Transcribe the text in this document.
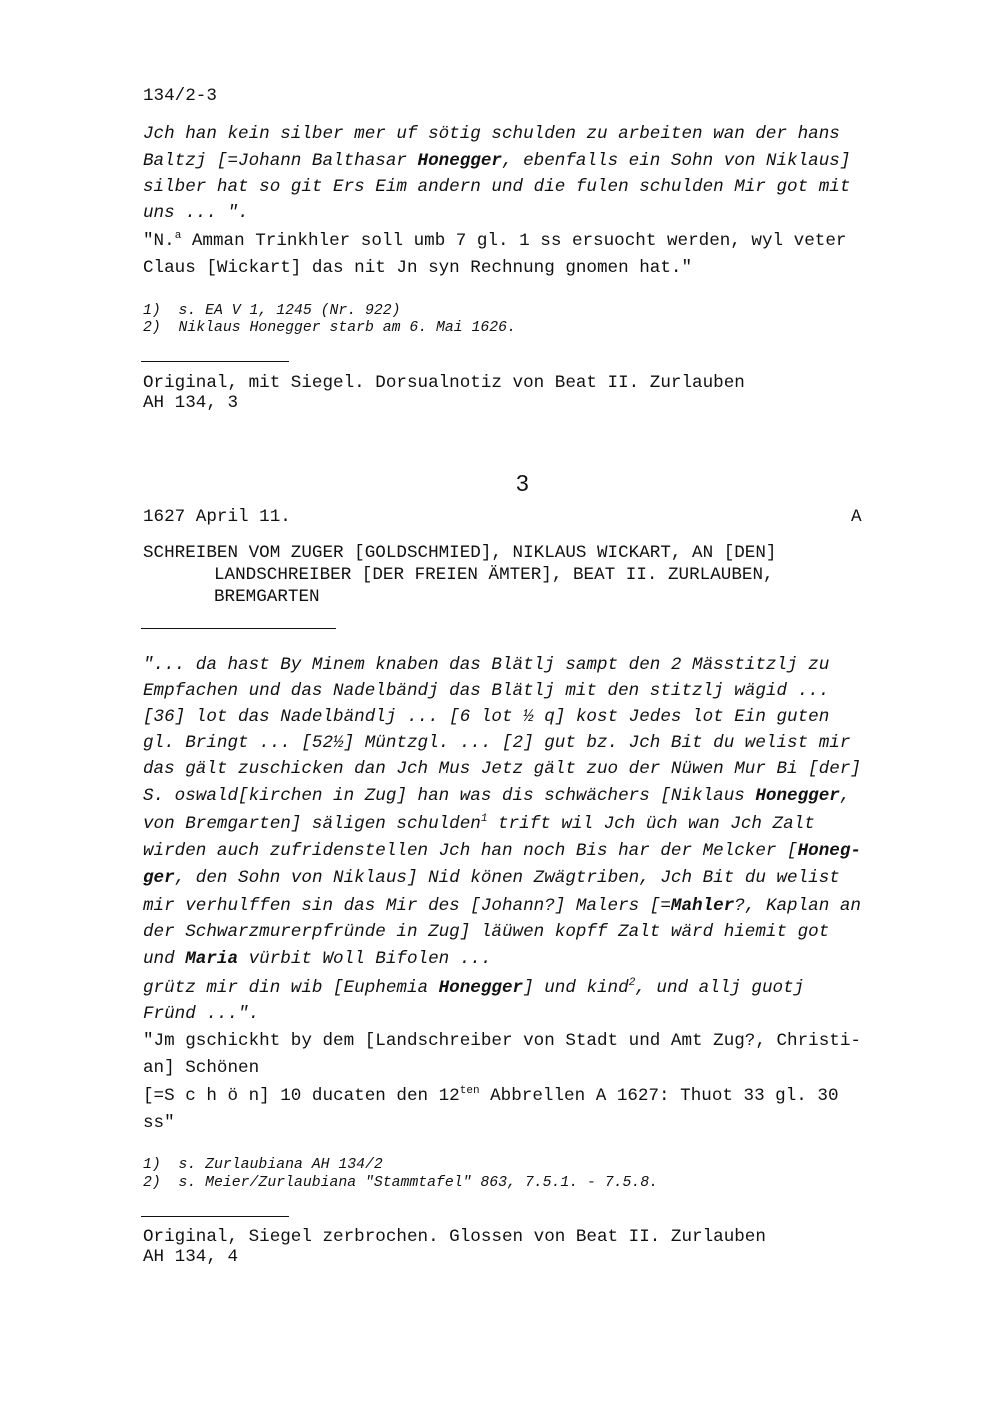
134/2-3
Jch han kein silber mer uf sötig schulden zu arbeiten wan der hans
Baltzj [=Johann Balthasar Honegger, ebenfalls ein Sohn von Niklaus]
silber hat so git Ers Eim andern und die fulen schulden Mir got mit
uns ... ".
"N.$^a$ Amman Trinkhler soll umb 7 gl. 1 ss ersuocht werden, wyl veter
Claus [Wickart] das nit Jn syn Rechnung gnomen hat."
1)  s. EA V 1, 1245 (Nr. 922)
2)  Niklaus Honegger starb am 6. Mai 1626.
Original, mit Siegel. Dorsualnotiz von Beat II. Zurlauben
AH 134, 3
3
1627 April 11.	A
SCHREIBEN VOM ZUGER [GOLDSCHMIED], NIKLAUS WICKART, AN [DEN]
LANDSCHREIBER [DER FREIEN ÄMTER], BEAT II. ZURLAUBEN,
BREMGARTEN
"... da hast By Minem knaben das Blätlj sampt den 2 Mässtitzlj zu
Empfachen und das Nadelbändj das Blätlj mit den stitzlj wägid ...
[36] lot das Nadelbändlj ... [6 lot ½ q] kost Jedes lot Ein guten
gl. Bringt ... [52½] Müntzgl. ... [2] gut bz. Jch Bit du welist mir
das gält zuschicken dan Jch Mus Jetz gält zuo der Nüwen Mur Bi [der]
S. oswald[kirchen in Zug] han was dis schwächers [Niklaus Honegger,
von Bremgarten] säligen schulden$^1$ trift wil Jch üch wan Jch Zalt
wirden auch zufridenstellen Jch han noch Bis har der Melcker [Honeg-
ger, den Sohn von Niklaus] Nid könen Zwägtriben, Jch Bit du welist
mir verhulffen sin das Mir des [Johann?] Malers [=Mahler?, Kaplan an
der Schwarzmurerpfründe in Zug] läüwen kopff Zalt wärd hiemit got
und Maria vürbit Woll Bifolen ...
grütz mir din wib [Euphemia Honegger] und kind$^2$, und allj guotj
Fründ ...".
"Jm gschickht by dem [Landschreiber von Stadt und Amt Zug?, Christi-
an] Schönen
[=S c h ö n] 10 ducaten den $12^{ten}$ Abbrellen A 1627: Thuot 33 gl. 30
ss"
1)  s. Zurlaubiana AH 134/2
2)  s. Meier/Zurlaubiana "Stammtafel" 863, 7.5.1. - 7.5.8.
Original, Siegel zerbrochen. Glossen von Beat II. Zurlauben
AH 134, 4
